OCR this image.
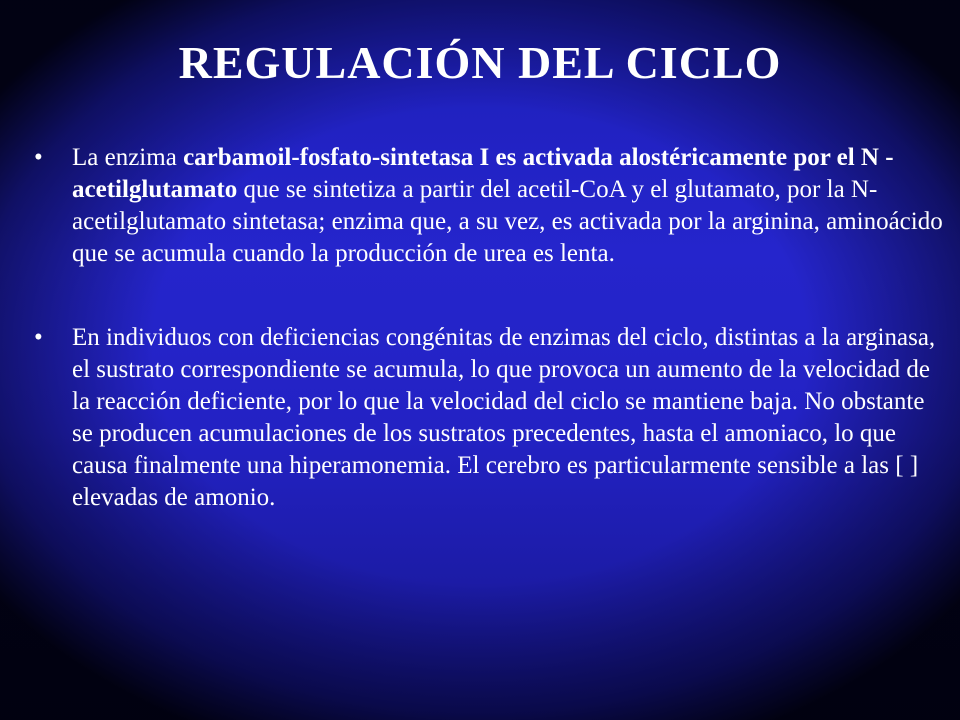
REGULACIÓN DEL CICLO
• La enzima carbamoil-fosfato-sintetasa I es activada alostéricamente por el N - acetilglutamato que se sintetiza a partir del acetil-CoA y el glutamato, por la N-acetilglutamato sintetasa; enzima que, a su vez, es activada por la arginina, aminoácido que se acumula cuando la producción de urea es lenta.
• En individuos con deficiencias congénitas de enzimas del ciclo, distintas a la arginasa, el sustrato correspondiente se acumula, lo que provoca un aumento de la velocidad de la reacción deficiente, por lo que la velocidad del ciclo se mantiene baja. No obstante se producen acumulaciones de los sustratos precedentes, hasta el amoniaco, lo que causa finalmente una hiperamonemia. El cerebro es particularmente sensible a las [ ] elevadas de amonio.
